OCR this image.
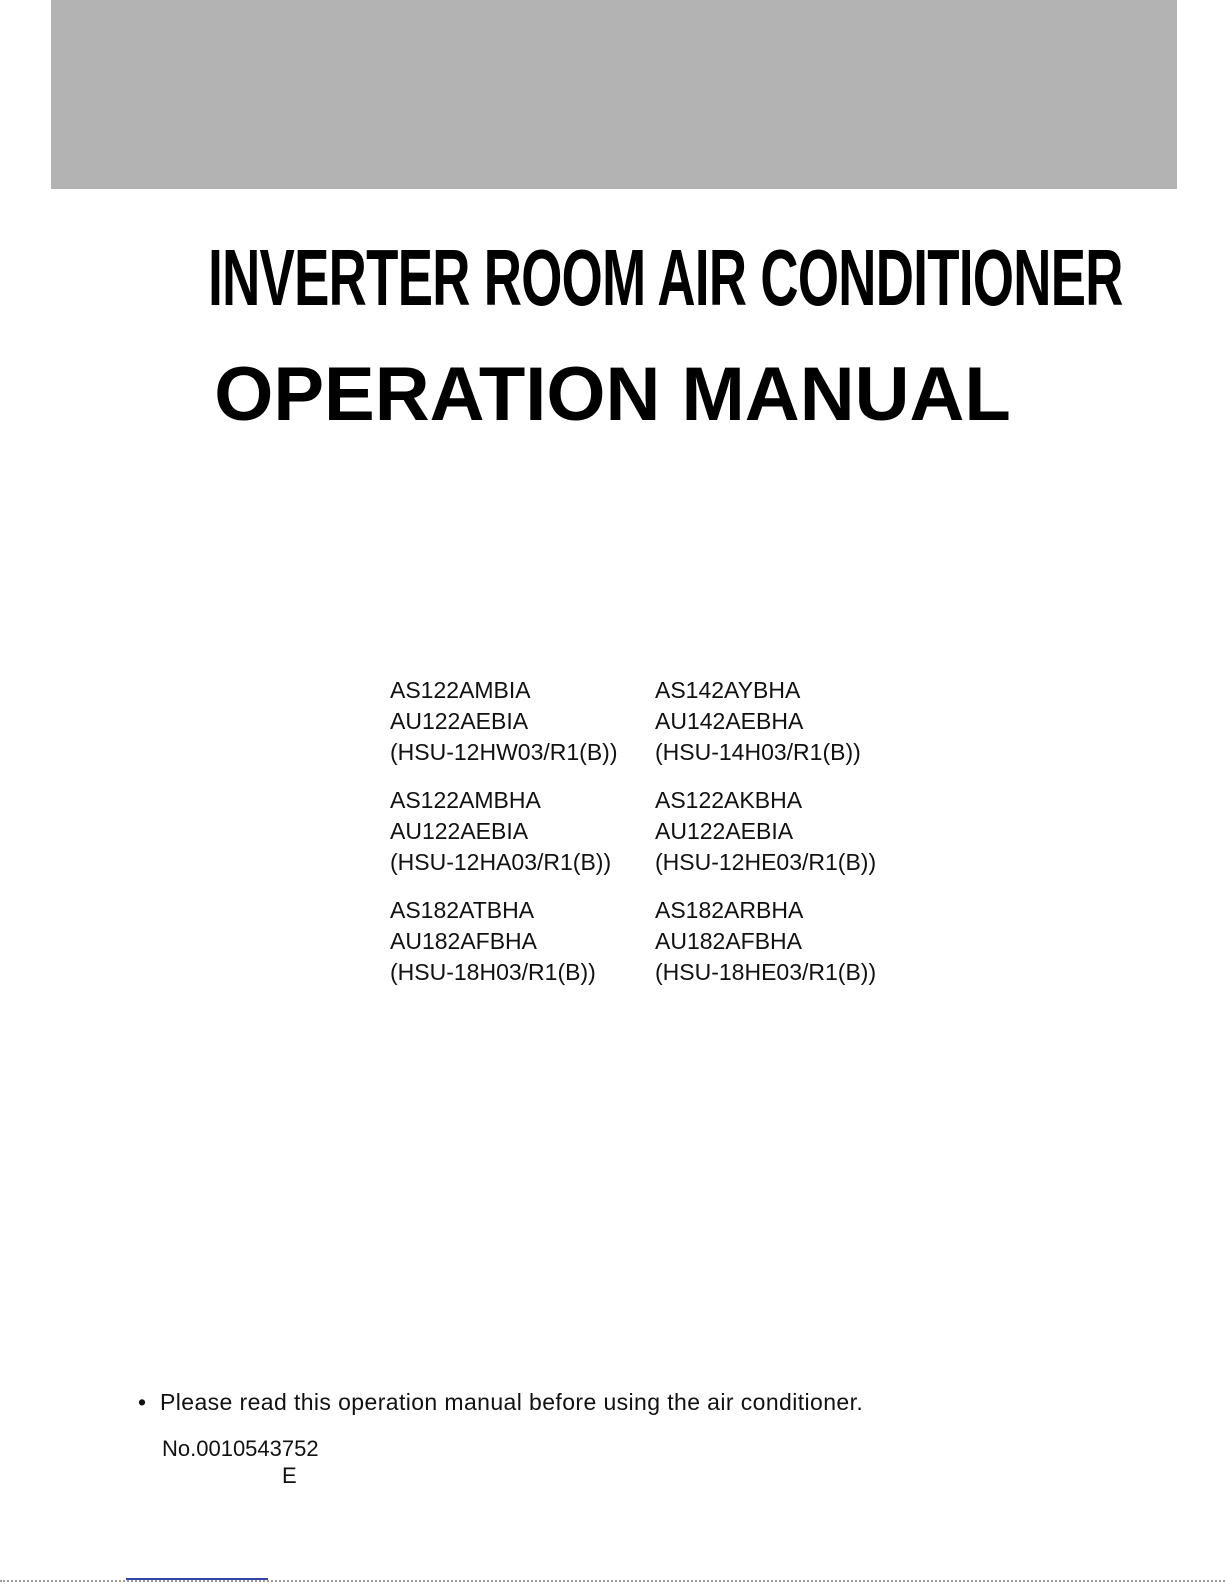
INVERTER ROOM AIR CONDITIONER
OPERATION MANUAL
AS122AMBIA
AU122AEBIA
(HSU-12HW03/R1(B))
AS142AYBHA
AU142AEBHA
(HSU-14H03/R1(B))
AS122AMBHA
AU122AEBIA
(HSU-12HA03/R1(B))
AS122AKBHA
AU122AEBIA
(HSU-12HE03/R1(B))
AS182ATBHA
AU182AFBHA
(HSU-18H03/R1(B))
AS182ARBHA
AU182AFBHA
(HSU-18HE03/R1(B))
• Please read this operation manual before using the air conditioner.
No.0010543752
E
